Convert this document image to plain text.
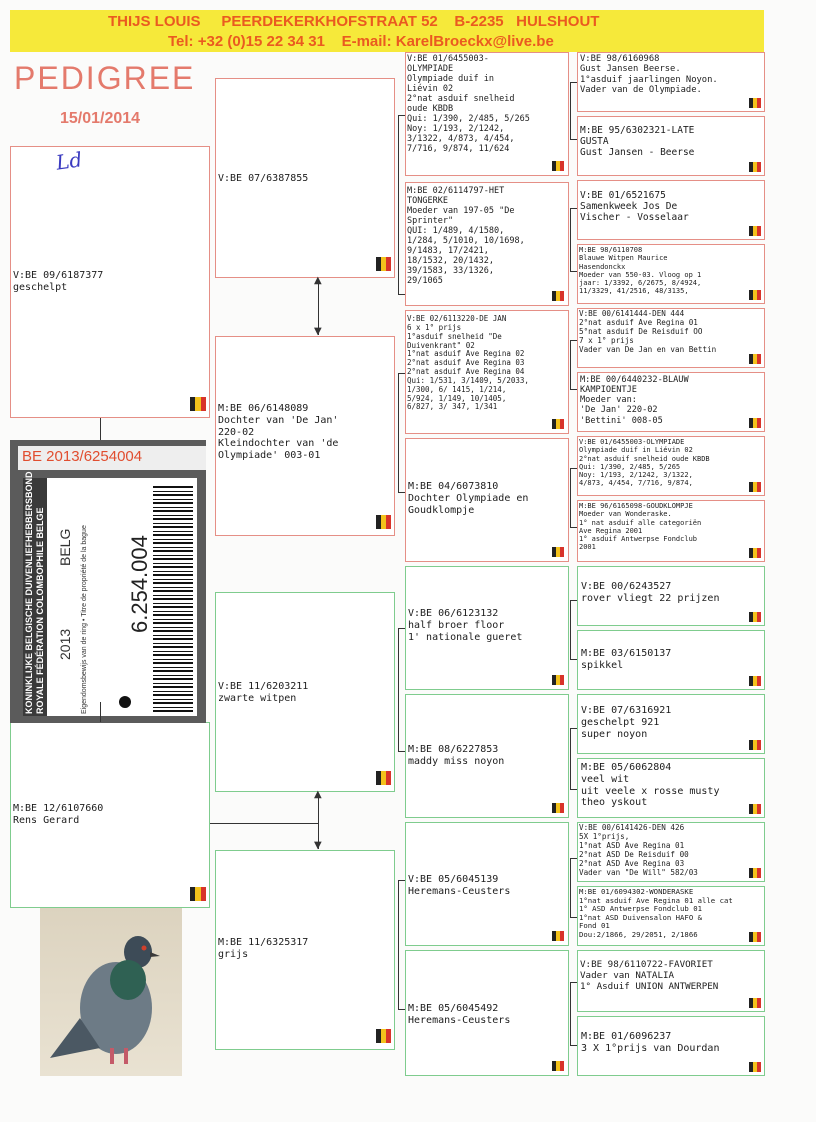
THIJS LOUIS     PEERDEKERKHOFSTRAAT 52    B-2235   HULSHOUT
Tel: +32 (0)15 22 34 31    E-mail: KarelBroeckx@live.be
PEDIGREE
15/01/2014
Ld
V:BE 09/6187377
geschelpt
M:BE 12/6107660
Rens Gerard
BE 2013/6254004
KONINKLIJKE BELGISCHE DUIVENLIEFHEBBERSBOND ROYALE FÉDÉRATION COLOMBOPHILE BELGE 2013
BELG Eigendomsbewijs van de ring • Titre de propriété de la bague 6.254.004
V:BE 07/6387855
M:BE 06/6148089
Dochter van 'De Jan'
220-02
Kleindochter van 'de
Olympiade' 003-01
V:BE 11/6203211
zwarte witpen
M:BE 11/6325317
grijs
▲
▼
▲
▼
V:BE 01/6455003-
OLYMPIADE
Olympiade duif in
Liévin 02
2°nat asduif snelheid
oude KBDB
Qui: 1/390, 2/485, 5/265
Noy: 1/193, 2/1242,
3/1322, 4/873, 4/454,
7/716, 9/874, 11/624
M:BE 02/6114797-HET
TONGERKE
Moeder van 197-05 "De
Sprinter"
QUI: 1/489, 4/1580,
1/284, 5/1010, 10/1698,
9/1483, 17/2421,
18/1532, 20/1432,
39/1583, 33/1326,
29/1065
V:BE 02/6113220-DE JAN
6 x 1° prijs
1°asduif snelheid "De
Duivenkrant" 02
1°nat asduif Ave Regina 02
2°nat asduif Ave Regina 03
2°nat asduif Ave Regina 04
Qui: 1/531, 3/1409, 5/2033,
1/300, 6/ 1415, 1/214,
5/924, 1/149, 10/1405,
6/827, 3/ 347, 1/341
M:BE 04/6073810
Dochter Olympiade en
Goudklompje
V:BE 06/6123132
half broer floor
1' nationale gueret
M:BE 08/6227853
maddy miss noyon
V:BE 05/6045139
Heremans-Ceusters
M:BE 05/6045492
Heremans-Ceusters
V:BE 98/6160968
Gust Jansen Beerse.
1°asduif jaarlingen Noyon.
Vader van de Olympiade.
M:BE 95/6302321-LATE
GUSTA
Gust Jansen - Beerse
V:BE 01/6521675
Samenkweek Jos De
Vischer - Vosselaar
M:BE 98/6110708
Blauwe Witpen Maurice
Hasendonckx
Moeder van 550-03. Vloog op 1
jaar: 1/3392, 6/2675, 8/4924,
11/3329, 41/2516, 48/3135,
V:BE 00/6141444-DEN 444
2°nat asduif Ave Regina 01
5°nat asduif De Reisduif OO
7 x 1° prijs
Vader van De Jan en van Bettin
M:BE 00/6440232-BLAUW
KAMPIOENTJE
Moeder van:
'De Jan' 220-02
'Bettini' 008-05
V:BE 01/6455003-OLYMPIADE
Olympiade duif in Liévin 02
2°nat asduif snelheid oude KBDB
Qui: 1/390, 2/485, 5/265
Noy: 1/193, 2/1242, 3/1322,
4/873, 4/454, 7/716, 9/874,
M:BE 96/6165098-GOUDKLOMPJE
Moeder van Wonderaske.
1° nat asduif alle categoriën
Ave Regina 2001
1° asduif Antwerpse Fondclub
2001
V:BE 00/6243527
rover vliegt 22 prijzen
M:BE 03/6150137
spikkel
V:BE 07/6316921
geschelpt 921
super noyon
M:BE 05/6062804
veel wit
uit veele x rosse musty
theo yskout
V:BE 00/6141426-DEN 426
5X 1°prijs,
1°nat ASD Ave Regina 01
2°nat ASD De Reisduif 00
2°nat ASD Ave Regina 03
Vader van "De Will" 582/03
M:BE 01/6094302-WONDERASKE
1°nat asduif Ave Regina 01 alle cat
1° ASD Antwerpse Fondclub 01
1°nat ASD Duivensalon HAFO &
Fond 01
Dou:2/1866, 29/2051, 2/1866
V:BE 98/6110722-FAVORIET
Vader van NATALIA
1° Asduif UNION ANTWERPEN
M:BE 01/6096237
3 X 1°prijs van Dourdan
